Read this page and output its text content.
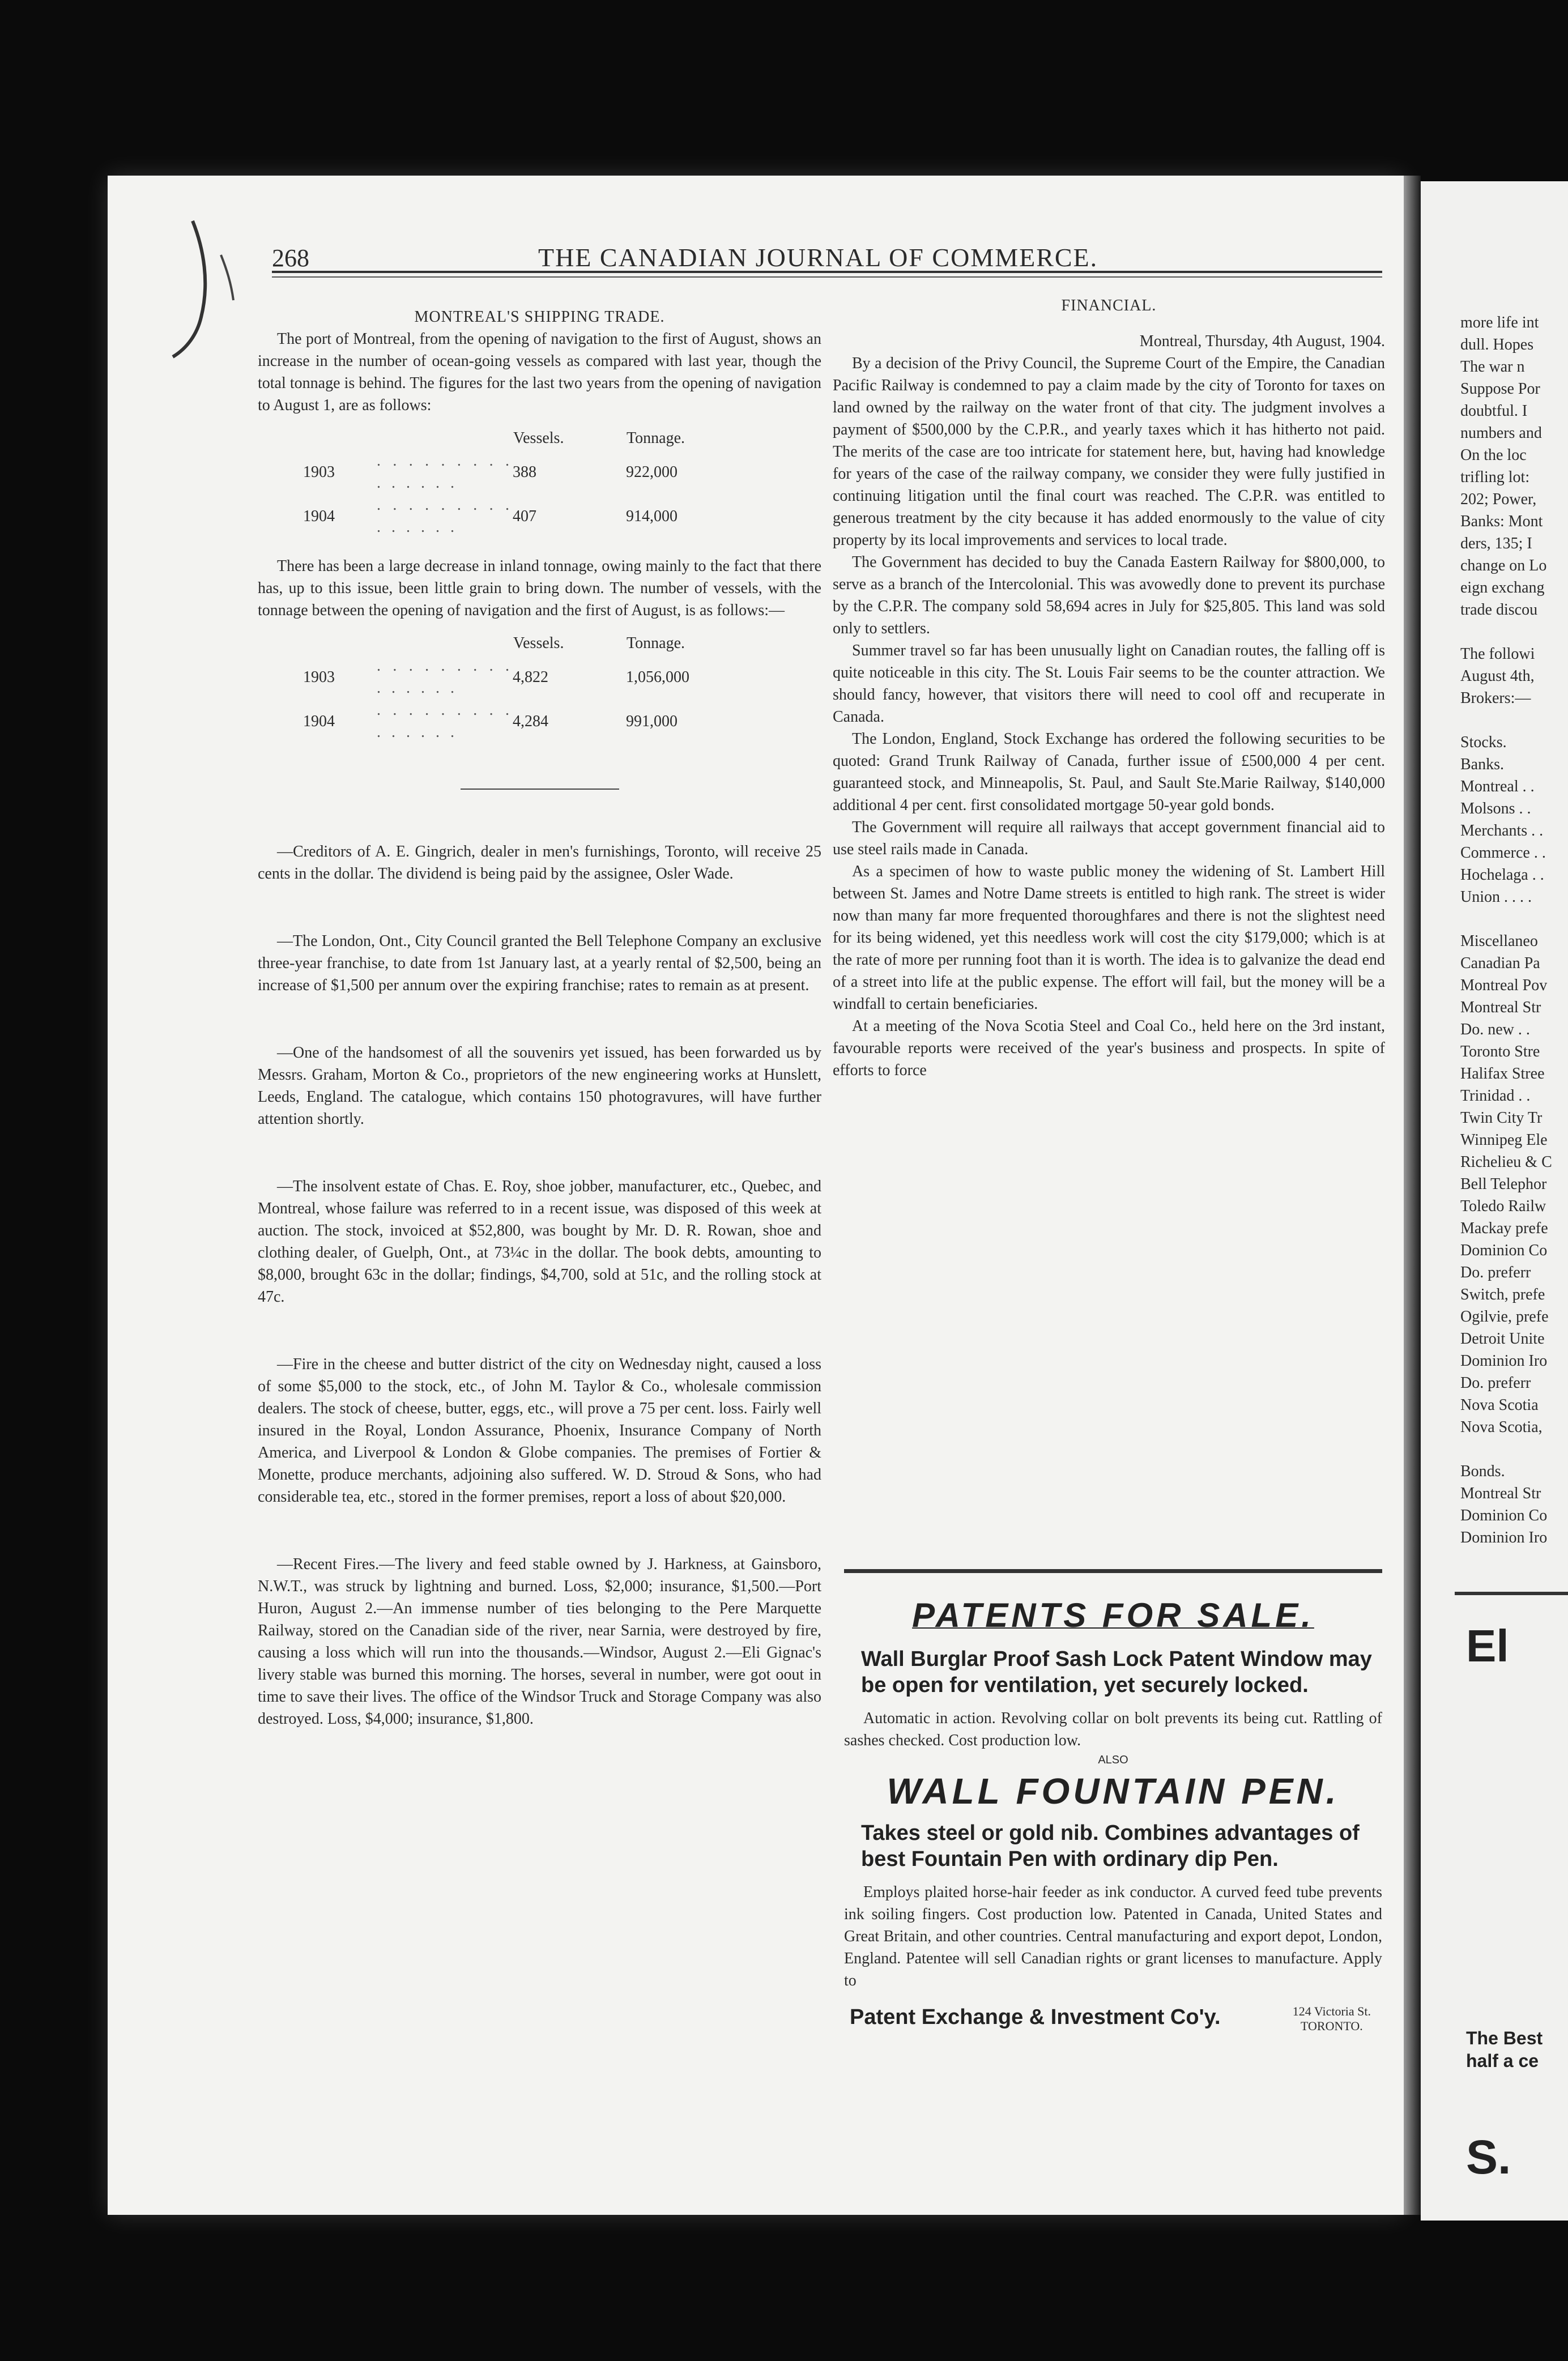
268	THE CANADIAN JOURNAL OF COMMERCE.

MONTREAL'S SHIPPING TRADE.

The port of Montreal, from the opening of navigation to the first of August, shows an increase in the number of ocean-going vessels as compared with last year, though the total tonnage is behind. The figures for the last two years from the opening of navigation to August 1, are as follows:

		Vessels.	Tonnage.
1903	. . . . . . . . . . . . . . .	388	922,000
1904	. . . . . . . . . . . . . . .	407	914,000

There has been a large decrease in inland tonnage, owing mainly to the fact that there has, up to this issue, been little grain to bring down. The number of vessels, with the tonnage between the opening of navigation and the first of August, is as follows:—

		Vessels.	Tonnage.
1903	. . . . . . . . . . . . . . .	4,822	1,056,000
1904	. . . . . . . . . . . . . . .	4,284	991,000

—Creditors of A. E. Gingrich, dealer in men's furnishings, Toronto, will receive 25 cents in the dollar. The dividend is being paid by the assignee, Osler Wade.

—The London, Ont., City Council granted the Bell Telephone Company an exclusive three-year franchise, to date from 1st January last, at a yearly rental of $2,500, being an increase of $1,500 per annum over the expiring franchise; rates to remain as at present.

—One of the handsomest of all the souvenirs yet issued, has been forwarded us by Messrs. Graham, Morton & Co., proprietors of the new engineering works at Hunslett, Leeds, England. The catalogue, which contains 150 photogravures, will have further attention shortly.

—The insolvent estate of Chas. E. Roy, shoe jobber, manufacturer, etc., Quebec, and Montreal, whose failure was referred to in a recent issue, was disposed of this week at auction. The stock, invoiced at $52,800, was bought by Mr. D. R. Rowan, shoe and clothing dealer, of Guelph, Ont., at 73¼c in the dollar. The book debts, amounting to $8,000, brought 63c in the dollar; findings, $4,700, sold at 51c, and the rolling stock at 47c.

—Fire in the cheese and butter district of the city on Wednesday night, caused a loss of some $5,000 to the stock, etc., of John M. Taylor & Co., wholesale commission dealers. The stock of cheese, butter, eggs, etc., will prove a 75 per cent. loss. Fairly well insured in the Royal, London Assurance, Phoenix, Insurance Company of North America, and Liverpool & London & Globe companies. The premises of Fortier & Monette, produce merchants, adjoining also suffered. W. D. Stroud & Sons, who had considerable tea, etc., stored in the former premises, report a loss of about $20,000.

—Recent Fires.—The livery and feed stable owned by J. Harkness, at Gainsboro, N.W.T., was struck by lightning and burned. Loss, $2,000; insurance, $1,500.—Port Huron, August 2.—An immense number of ties belonging to the Pere Marquette Railway, stored on the Canadian side of the river, near Sarnia, were destroyed by fire, causing a loss which will run into the thousands.—Windsor, August 2.—Eli Gignac's livery stable was burned this morning. The horses, several in number, were got oout in time to save their lives. The office of the Windsor Truck and Storage Company was also destroyed. Loss, $4,000; insurance, $1,800.

FINANCIAL.

Montreal, Thursday, 4th August, 1904.

By a decision of the Privy Council, the Supreme Court of the Empire, the Canadian Pacific Railway is condemned to pay a claim made by the city of Toronto for taxes on land owned by the railway on the water front of that city. The judgment involves a payment of $500,000 by the C.P.R., and yearly taxes which it has hitherto not paid. The merits of the case are too intricate for statement here, but, having had knowledge for years of the case of the railway company, we consider they were fully justified in continuing litigation until the final court was reached. The C.P.R. was entitled to generous treatment by the city because it has added enormously to the value of city property by its local improvements and services to local trade.

The Government has decided to buy the Canada Eastern Railway for $800,000, to serve as a branch of the Intercolonial. This was avowedly done to prevent its purchase by the C.P.R. The company sold 58,694 acres in July for $25,805. This land was sold only to settlers.

Summer travel so far has been unusually light on Canadian routes, the falling off is quite noticeable in this city. The St. Louis Fair seems to be the counter attraction. We should fancy, however, that visitors there will need to cool off and recuperate in Canada.

The London, England, Stock Exchange has ordered the following securities to be quoted: Grand Trunk Railway of Canada, further issue of £500,000 4 per cent. guaranteed stock, and Minneapolis, St. Paul, and Sault Ste.Marie Railway, $140,000 additional 4 per cent. first consolidated mortgage 50-year gold bonds.

The Government will require all railways that accept government financial aid to use steel rails made in Canada.

As a specimen of how to waste public money the widening of St. Lambert Hill between St. James and Notre Dame streets is entitled to high rank. The street is wider now than many far more frequented thoroughfares and there is not the slightest need for its being widened, yet this needless work will cost the city $179,000; which is at the rate of more per running foot than it is worth. The idea is to galvanize the dead end of a street into life at the public expense. The effort will fail, but the money will be a windfall to certain beneficiaries.

At a meeting of the Nova Scotia Steel and Coal Co., held here on the 3rd instant, favourable reports were received of the year's business and prospects. In spite of efforts to force

PATENTS FOR SALE.

Wall Burglar Proof Sash Lock Patent Window may be open for ventilation, yet securely locked.

Automatic in action. Revolving collar on bolt prevents its being cut. Rattling of sashes checked. Cost production low.

ALSO

WALL FOUNTAIN PEN.

Takes steel or gold nib. Combines advantages of best Fountain Pen with ordinary dip Pen.

Employs plaited horse-hair feeder as ink conductor. A curved feed tube prevents ink soiling fingers. Cost production low. Patented in Canada, United States and Great Britain, and other countries. Central manufacturing and export depot, London, England. Patentee will sell Canadian rights or grant licenses to manufacture. Apply to

Patent Exchange & Investment Co'y.	124 Victoria St.
TORONTO.
more life int
dull. Hopes
The war n
Suppose Por
doubtful. I
numbers and
On the loc
trifling lot:
202; Power,
Banks: Mont
ders, 135; I
change on Lo
eign exchang
trade discou

The followi
August 4th,
Brokers:—

Stocks.
Banks.
Montreal . .
Molsons . .
Merchants . .
Commerce . .
Hochelaga . .
Union . . . .

Miscellaneo
Canadian Pa
Montreal Pov
Montreal Str
Do. new . .
Toronto Stre
Halifax Stree
Trinidad . .
Twin City Tr
Winnipeg Ele
Richelieu & C
Bell Telephor
Toledo Railw
Mackay prefe
Dominion Co
Do. preferr
Switch, prefe
Ogilvie, prefe
Detroit Unite
Dominion Iro
Do. preferr
Nova Scotia
Nova Scotia,

Bonds.
Montreal Str
Dominion Co
Dominion Iro
El
The Best
half a ce
S.
